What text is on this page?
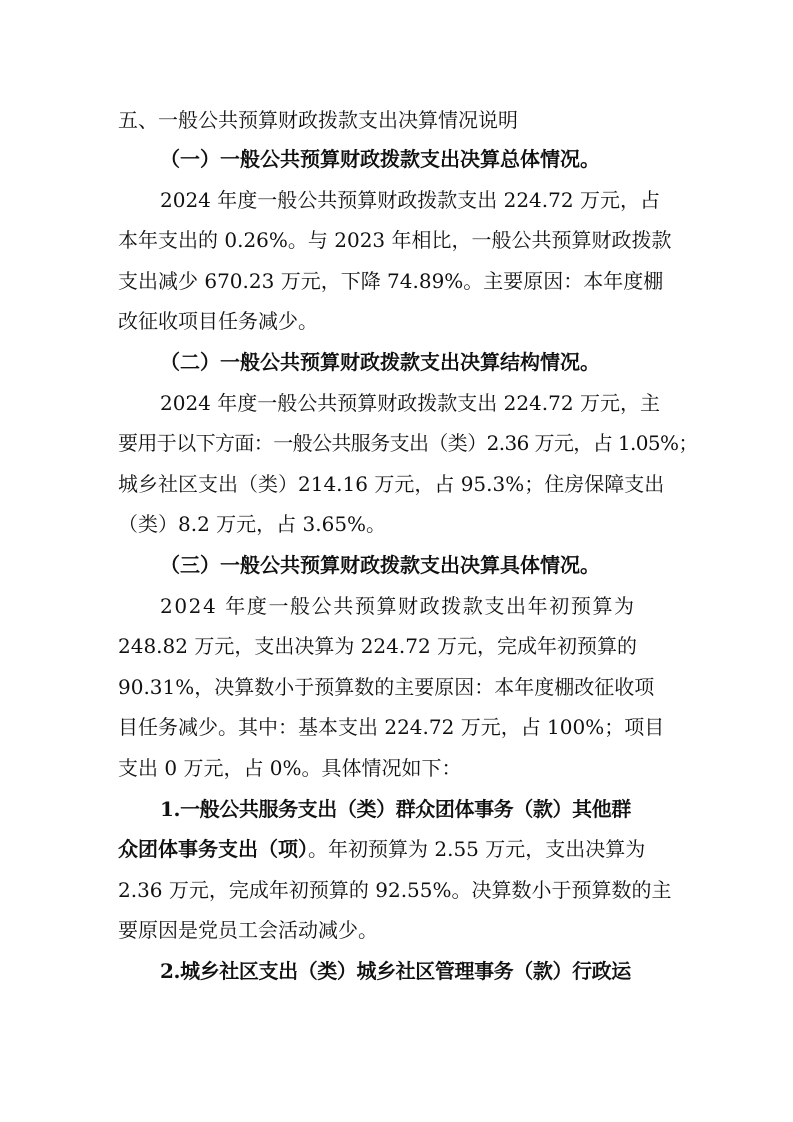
五、一般公共预算财政拨款支出决算情况说明
（一）一般公共预算财政拨款支出决算总体情况。
2024 年度一般公共预算财政拨款支出 224.72 万元，占
本年支出的 0.26%。与 2023 年相比，一般公共预算财政拨款
支出减少 670.23 万元，下降 74.89%。主要原因：本年度棚
改征收项目任务减少。
（二）一般公共预算财政拨款支出决算结构情况。
2024 年度一般公共预算财政拨款支出 224.72 万元，主
要用于以下方面：一般公共服务支出（类）2.36 万元，占 1.05%；
城乡社区支出（类）214.16 万元，占 95.3%；住房保障支出
（类）8.2 万元，占 3.65%。
（三）一般公共预算财政拨款支出决算具体情况。
2024 年度一般公共预算财政拨款支出年初预算为
248.82 万元，支出决算为 224.72 万元，完成年初预算的
90.31%，决算数小于预算数的主要原因：本年度棚改征收项
目任务减少。其中：基本支出 224.72 万元，占 100%；项目
支出 0 万元，占 0%。具体情况如下：
1.一般公共服务支出（类）群众团体事务（款）其他群
众团体事务支出（项）。年初预算为 2.55 万元，支出决算为
2.36 万元，完成年初预算的 92.55%。决算数小于预算数的主
要原因是党员工会活动减少。
2.城乡社区支出（类）城乡社区管理事务（款）行政运
